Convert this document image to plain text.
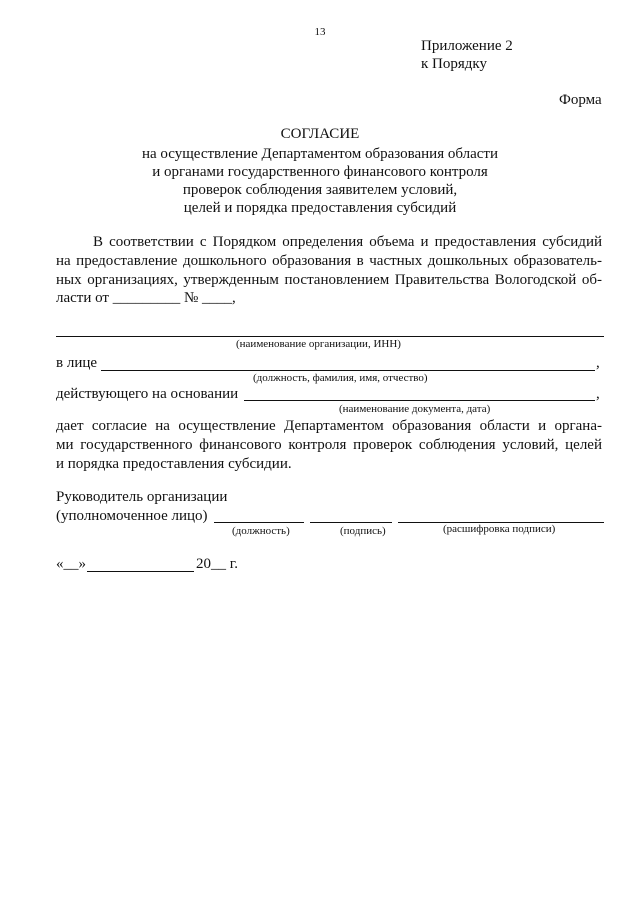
13
Приложение 2
к Порядку
Форма
СОГЛАСИЕ
на осуществление Департаментом образования области
и органами государственного финансового контроля
проверок соблюдения заявителем условий,
целей и порядка предоставления субсидий
В соответствии с Порядком определения объема и предоставления субсидий
на предоставление дошкольного образования в частных дошкольных образователь-
ных организациях, утвержденным постановлением Правительства Вологодской об-
ласти от _________ № ____,
(наименование организации, ИНН)
в лице	,
(должность, фамилия, имя, отчество)
действующего на основании	,
(наименование документа, дата)
дает согласие на осуществление Департаментом образования области и органа-
ми государственного финансового контроля проверок соблюдения условий, целей
и порядка предоставления субсидии.
Руководитель организации
(уполномоченное лицо)
(должность)	(подпись)	(расшифровка подписи)
«__»	20__ г.
